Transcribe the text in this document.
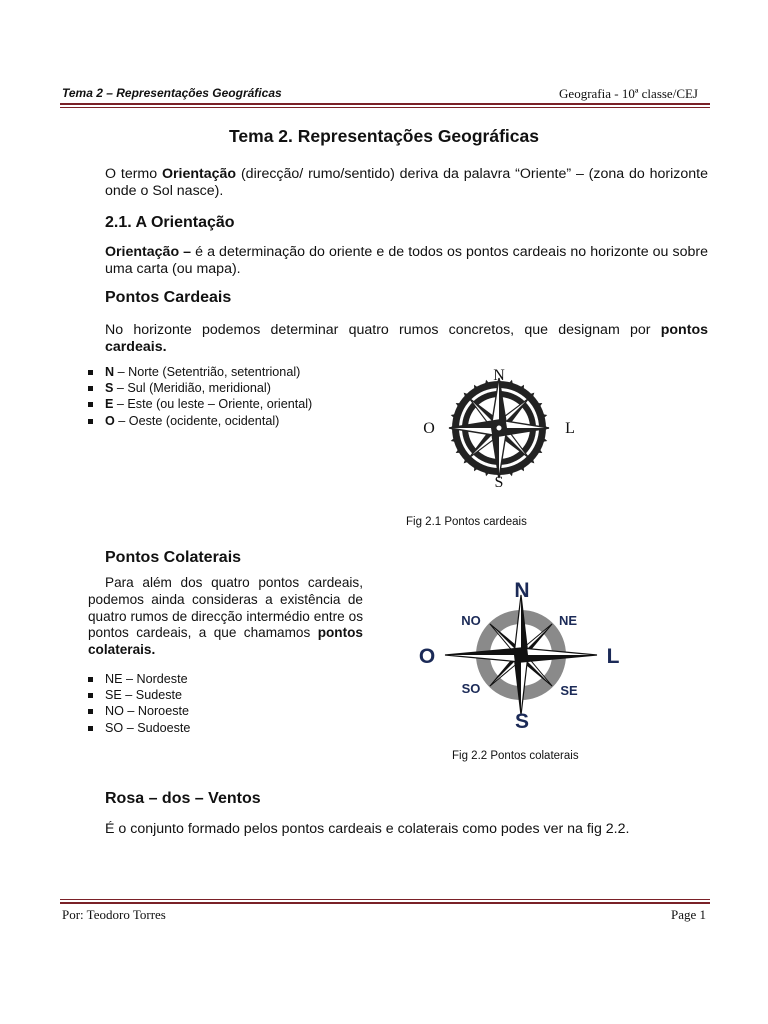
Tema 2 – Representações Geográficas	Geografia - 10ª classe/CEJ
Tema 2. Representações Geográficas
O termo Orientação (direcção/ rumo/sentido) deriva da palavra “Oriente” – (zona do horizonte onde o Sol nasce).
2.1. A Orientação
Orientação – é a determinação do oriente e de todos os pontos cardeais no horizonte ou sobre uma carta (ou mapa).
Pontos Cardeais
No horizonte podemos determinar quatro rumos concretos, que designam por pontos cardeais.
N – Norte (Setentrião, setentrional)
S – Sul (Meridião, meridional)
E – Este (ou leste – Oriente, oriental)
O – Oeste (ocidente, ocidental)
N
S
O	L
Fig 2.1 Pontos cardeais
Pontos Colaterais
Para além dos quatro pontos cardeais, podemos ainda consideras a existência de quatro rumos de direcção intermédio entre os pontos cardeais, a que chamamos pontos colaterais.
NE – Nordeste
SE – Sudeste
NO – Noroeste
SO – Sudoeste
N
S
O	L
NO	NE
SO	SE
Fig 2.2 Pontos colaterais
Rosa – dos – Ventos
É o conjunto formado pelos pontos cardeais e colaterais como podes ver na fig 2.2.
Por: Teodoro Torres	Page 1
